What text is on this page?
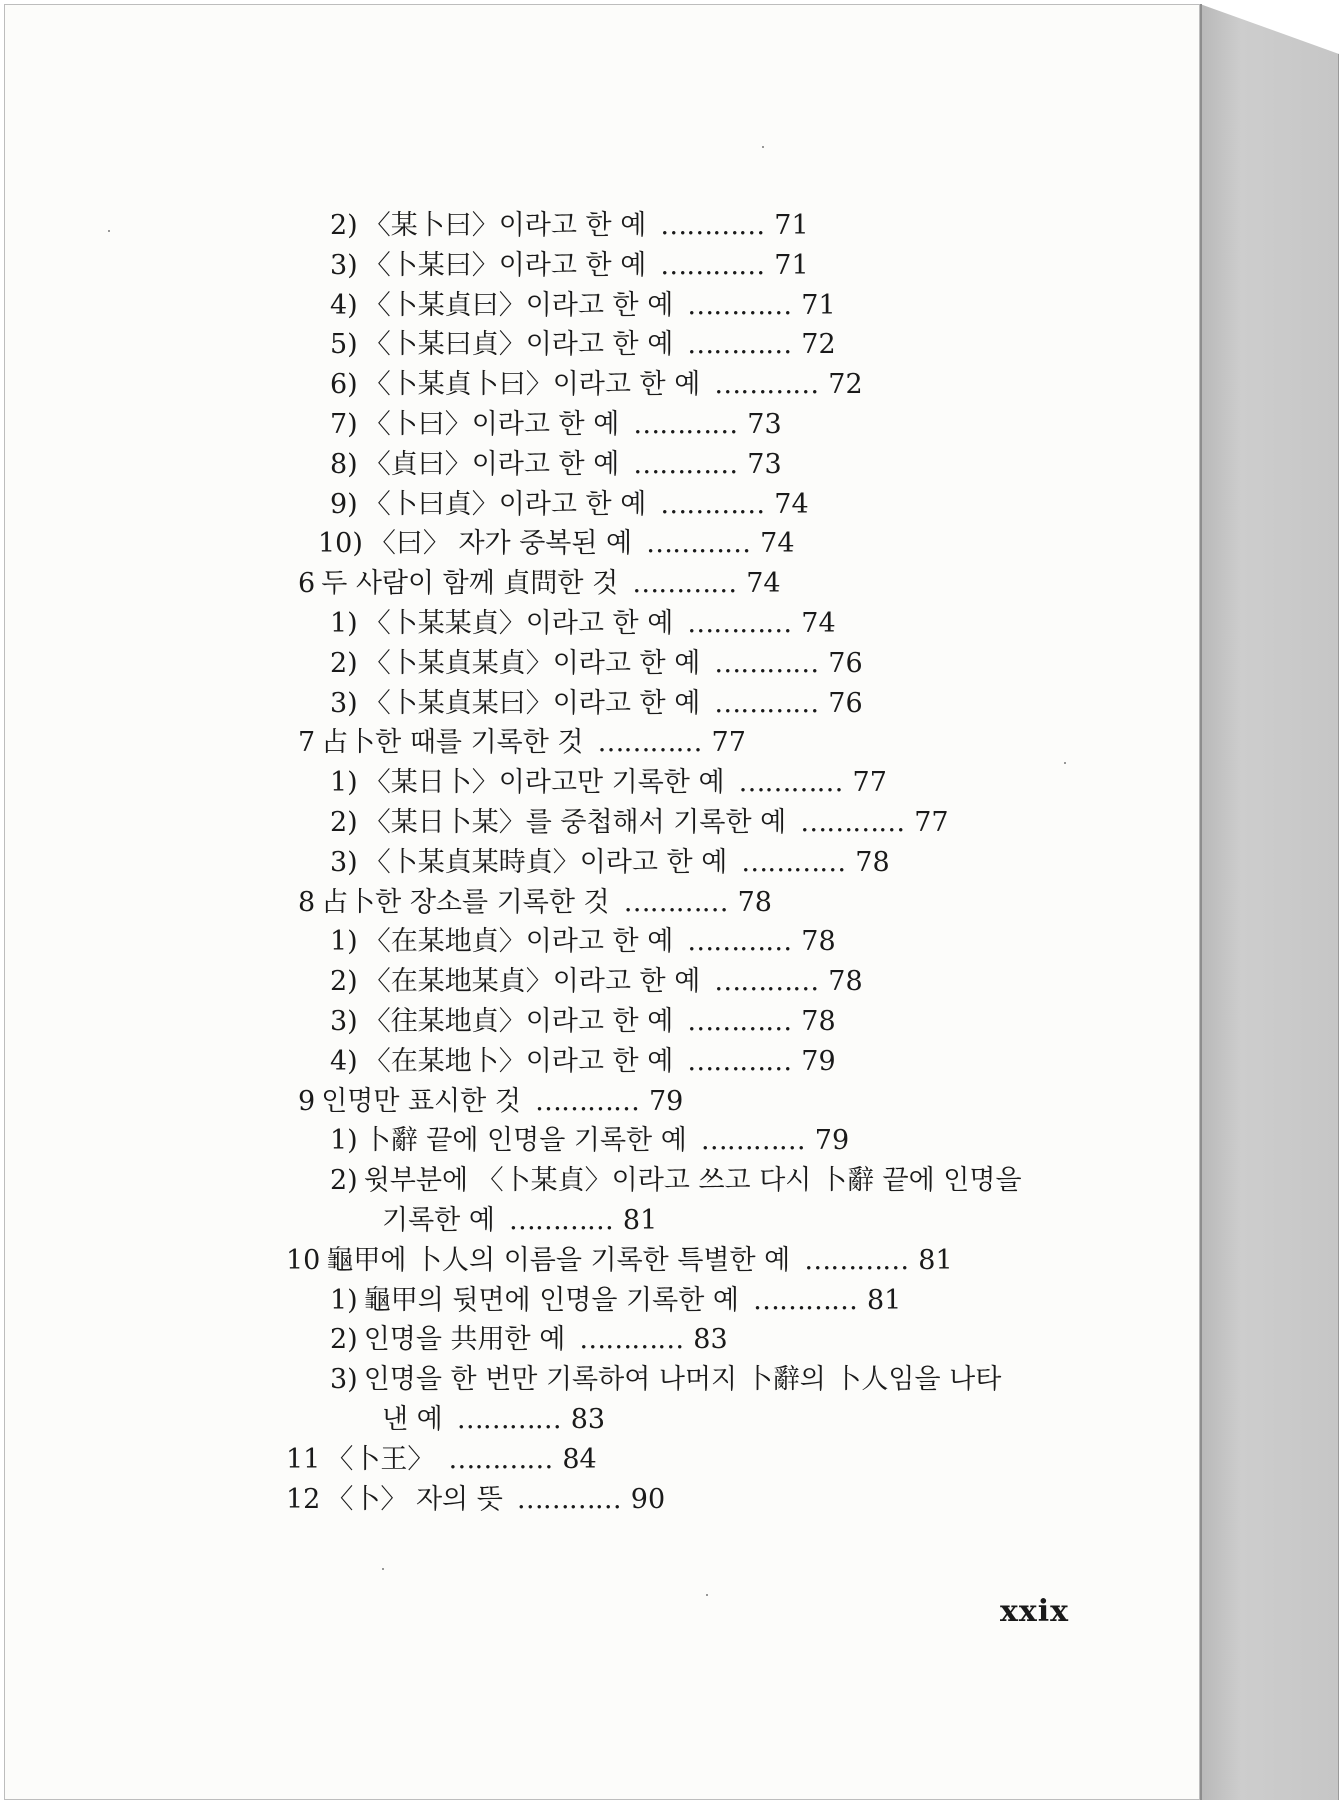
2) 〈某卜曰〉이라고 한 예 ………… 71
3) 〈卜某曰〉이라고 한 예 ………… 71
4) 〈卜某貞曰〉이라고 한 예 ………… 71
5) 〈卜某曰貞〉이라고 한 예 ………… 72
6) 〈卜某貞卜曰〉이라고 한 예 ………… 72
7) 〈卜曰〉이라고 한 예 ………… 73
8) 〈貞曰〉이라고 한 예 ………… 73
9) 〈卜曰貞〉이라고 한 예 ………… 74
10) 〈曰〉 자가 중복된 예 ………… 74
6 두 사람이 함께 貞問한 것 ………… 74
1) 〈卜某某貞〉이라고 한 예 ………… 74
2) 〈卜某貞某貞〉이라고 한 예 ………… 76
3) 〈卜某貞某曰〉이라고 한 예 ………… 76
7 占卜한 때를 기록한 것 ………… 77
1) 〈某日卜〉이라고만 기록한 예 ………… 77
2) 〈某日卜某〉를 중첩해서 기록한 예 ………… 77
3) 〈卜某貞某時貞〉이라고 한 예 ………… 78
8 占卜한 장소를 기록한 것 ………… 78
1) 〈在某地貞〉이라고 한 예 ………… 78
2) 〈在某地某貞〉이라고 한 예 ………… 78
3) 〈往某地貞〉이라고 한 예 ………… 78
4) 〈在某地卜〉이라고 한 예 ………… 79
9 인명만 표시한 것 ………… 79
1) 卜辭 끝에 인명을 기록한 예 ………… 79
2) 윗부분에 〈卜某貞〉이라고 쓰고 다시 卜辭 끝에 인명을
기록한 예 ………… 81
10 龜甲에 卜人의 이름을 기록한 특별한 예 ………… 81
1) 龜甲의 뒷면에 인명을 기록한 예 ………… 81
2) 인명을 共用한 예 ………… 83
3) 인명을 한 번만 기록하여 나머지 卜辭의 卜人임을 나타
낸 예 ………… 83
11 〈卜王〉 ………… 84
12 〈卜〉 자의 뜻 ………… 90
xxix
